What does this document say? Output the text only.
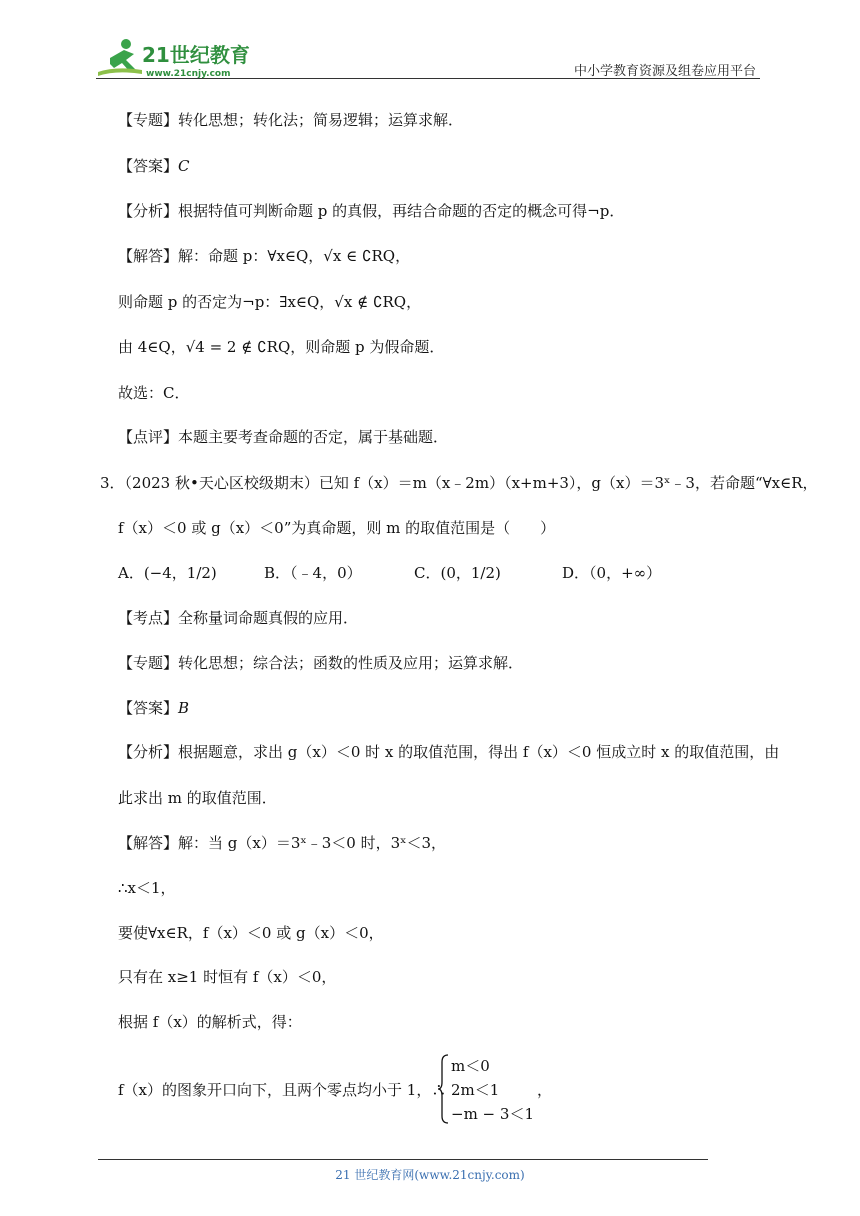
21世纪教育
www.21cnjy.com	中小学教育资源及组卷应用平台
【专题】转化思想；转化法；简易逻辑；运算求解．
【答案】C
【分析】根据特值可判断命题 p 的真假，再结合命题的否定的概念可得¬p．
【解答】解：命题 p：∀x∈Q，√x ∈ ∁RQ，
则命题 p 的否定为¬p：∃x∈Q，√x ∉ ∁RQ，
由 4∈Q，√4 = 2 ∉ ∁RQ，则命题 p 为假命题．
故选：C．
【点评】本题主要考查命题的否定，属于基础题．
3．（2023 秋•天心区校级期末）已知 f（x）＝m（x﹣2m）（x+m+3），g（x）＝3ˣ﹣3，若命题“∀x∈R，
f（x）＜0 或 g（x）＜0”为真命题，则 m 的取值范围是（　　）
A．(−4，1/2)	B．（﹣4，0）	C．(0，1/2)	D．（0，+∞）
【考点】全称量词命题真假的应用．
【专题】转化思想；综合法；函数的性质及应用；运算求解．
【答案】B
【分析】根据题意，求出 g（x）＜0 时 x 的取值范围，得出 f（x）＜0 恒成立时 x 的取值范围，由
此求出 m 的取值范围．
【解答】解：当 g（x）＝3ˣ﹣3＜0 时，3ˣ＜3，
∴x＜1，
要使∀x∈R，f（x）＜0 或 g（x）＜0，
只有在 x≥1 时恒有 f（x）＜0，
根据 f（x）的解析式，得：
f（x）的图象开口向下，且两个零点均小于 1，∴
m＜0
2m＜1
−m − 3＜1
，
21 世纪教育网(www.21cnjy.com)
